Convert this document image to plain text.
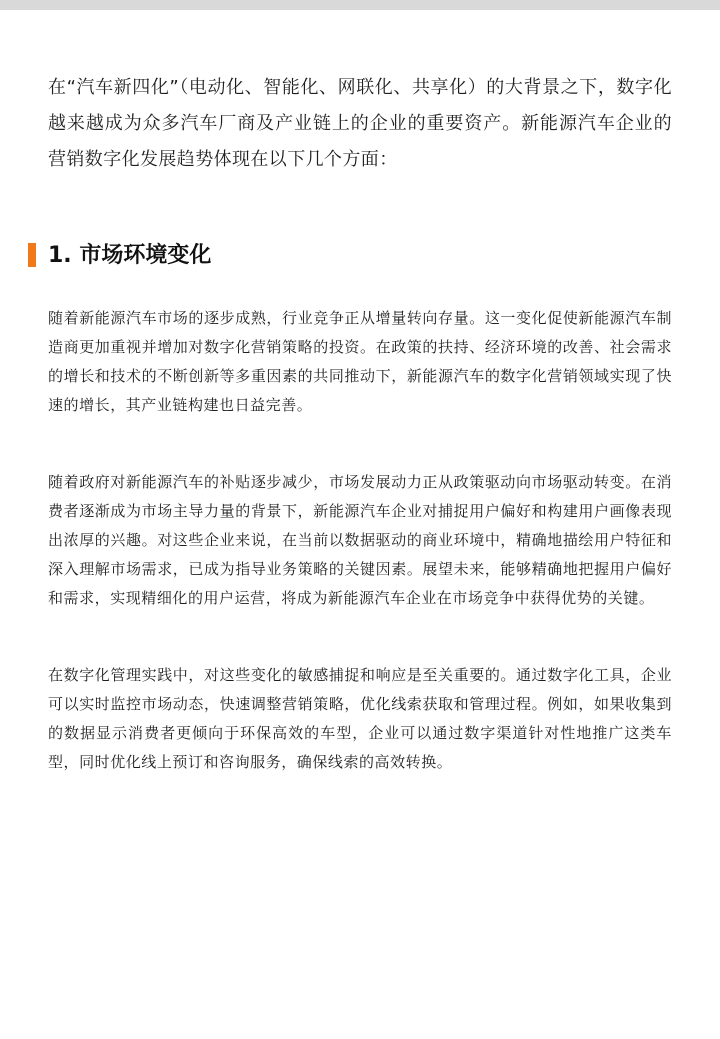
在“汽车新四化”（电动化、智能化、网联化、共享化）的大背景之下，数字化越来越成为众多汽车厂商及产业链上的企业的重要资产。新能源汽车企业的营销数字化发展趋势体现在以下几个方面：

1. 市场环境变化

随着新能源汽车市场的逐步成熟，行业竞争正从增量转向存量。这一变化促使新能源汽车制造商更加重视并增加对数字化营销策略的投资。在政策的扶持、经济环境的改善、社会需求的增长和技术的不断创新等多重因素的共同推动下，新能源汽车的数字化营销领域实现了快速的增长，其产业链构建也日益完善。

随着政府对新能源汽车的补贴逐步减少，市场发展动力正从政策驱动向市场驱动转变。在消费者逐渐成为市场主导力量的背景下，新能源汽车企业对捕捉用户偏好和构建用户画像表现出浓厚的兴趣。对这些企业来说，在当前以数据驱动的商业环境中，精确地描绘用户特征和深入理解市场需求，已成为指导业务策略的关键因素。展望未来，能够精确地把握用户偏好和需求，实现精细化的用户运营，将成为新能源汽车企业在市场竞争中获得优势的关键。

在数字化管理实践中，对这些变化的敏感捕捉和响应是至关重要的。通过数字化工具，企业可以实时监控市场动态，快速调整营销策略，优化线索获取和管理过程。例如，如果收集到的数据显示消费者更倾向于环保高效的车型，企业可以通过数字渠道针对性地推广这类车型，同时优化线上预订和咨询服务，确保线索的高效转换。
